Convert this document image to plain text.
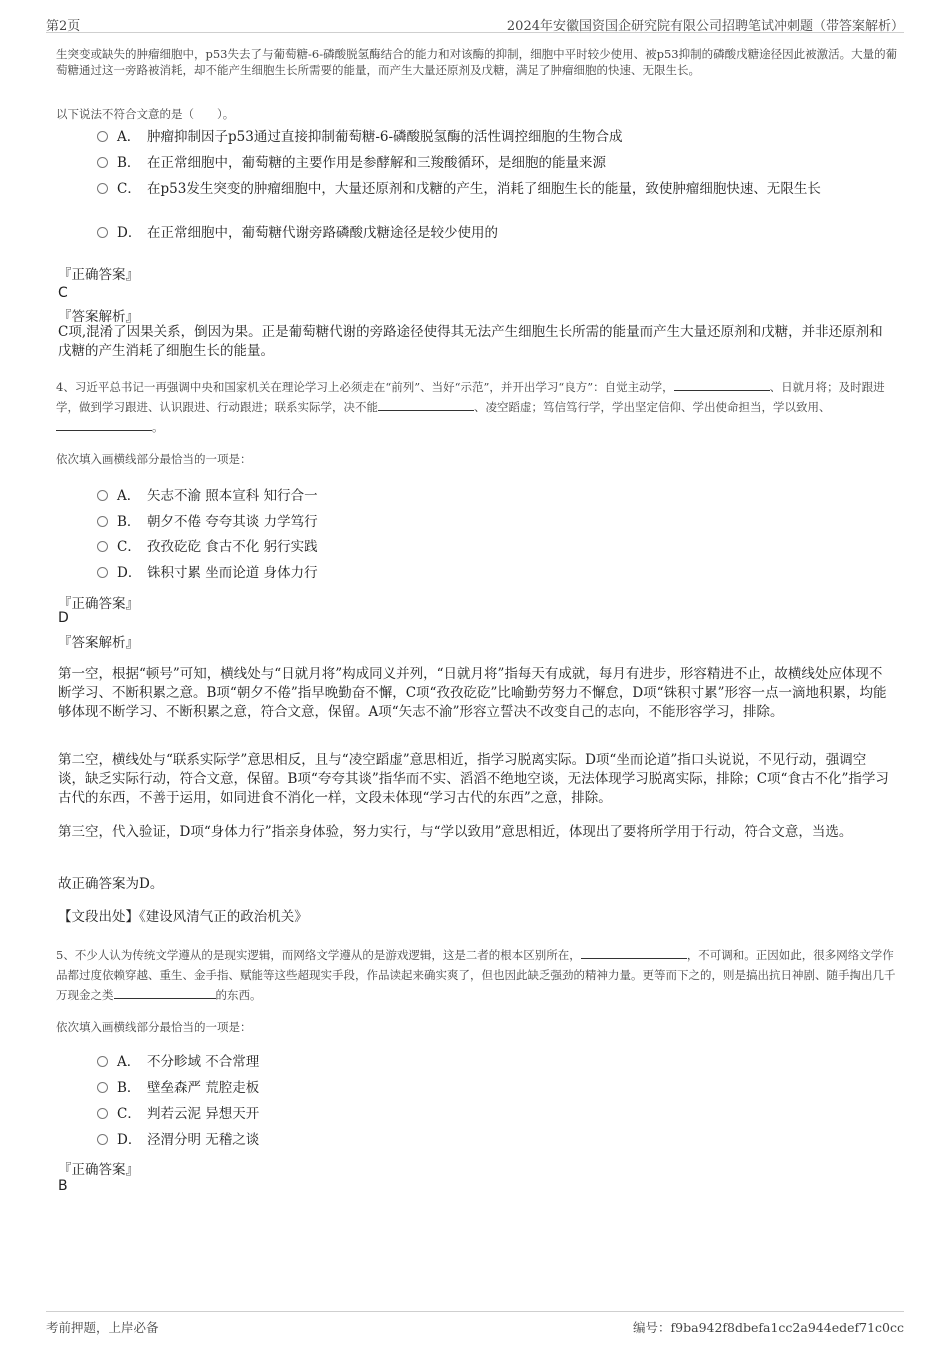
第2页	2024年安徽国资国企研究院有限公司招聘笔试冲刺题（带答案解析）
生突变或缺失的肿瘤细胞中，p53失去了与葡萄糖-6-磷酸脱氢酶结合的能力和对该酶的抑制，细胞中平时较少使用、被p53抑制的磷酸戊糖途径因此被激活。大量的葡萄糖通过这一旁路被消耗，却不能产生细胞生长所需要的能量，而产生大量还原剂及戊糖，满足了肿瘤细胞的快速、无限生长。
以下说法不符合文意的是（　　）。
A． 肿瘤抑制因子p53通过直接抑制葡萄糖-6-磷酸脱氢酶的活性调控细胞的生物合成
B． 在正常细胞中，葡萄糖的主要作用是参酵解和三羧酸循环，是细胞的能量来源
C． 在p53发生突变的肿瘤细胞中，大量还原剂和戊糖的产生，消耗了细胞生长的能量，致使肿瘤细胞快速、无限生长
D． 在正常细胞中，葡萄糖代谢旁路磷酸戊糖途径是较少使用的
『正确答案』
C
『答案解析』
C项,混淆了因果关系，倒因为果。正是葡萄糖代谢的旁路途径使得其无法产生细胞生长所需的能量而产生大量还原剂和戊糖，并非还原剂和戊糖的产生消耗了细胞生长的能量。
4、习近平总书记一再强调中央和国家机关在理论学习上必须走在“前列”、当好“示范”，并开出学习“良方”：自觉主动学，	、日就月将；及时跟进学，做到学习跟进、认识跟进、行动跟进；联系实际学，决不能	、凌空蹈虚；笃信笃行学，学出坚定信仰、学出使命担当，学以致用、。
依次填入画横线部分最恰当的一项是：
A． 矢志不渝 照本宣科 知行合一
B． 朝夕不倦 夸夸其谈 力学笃行
C． 孜孜矻矻 食古不化 躬行实践
D． 铢积寸累 坐而论道 身体力行
『正确答案』
D
『答案解析』
第一空，根据“顿号”可知，横线处与“日就月将”构成同义并列，“日就月将”指每天有成就，每月有进步，形容精进不止，故横线处应体现不断学习、不断积累之意。B项“朝夕不倦”指早晚勤奋不懈，C项“孜孜矻矻”比喻勤劳努力不懈怠，D项“铢积寸累”形容一点一滴地积累，均能够体现不断学习、不断积累之意，符合文意，保留。A项“矢志不渝”形容立誓决不改变自己的志向，不能形容学习，排除。
第二空，横线处与“联系实际学”意思相反，且与“凌空蹈虚”意思相近，指学习脱离实际。D项“坐而论道”指口头说说，不见行动，强调空谈，缺乏实际行动，符合文意，保留。B项“夸夸其谈”指华而不实、滔滔不绝地空谈，无法体现学习脱离实际，排除；C项“食古不化”指学习古代的东西，不善于运用，如同进食不消化一样，文段未体现“学习古代的东西”之意，排除。
第三空，代入验证，D项“身体力行”指亲身体验，努力实行，与“学以致用”意思相近，体现出了要将所学用于行动，符合文意，当选。
故正确答案为D。
【文段出处】《建设风清气正的政治机关》
5、不少人认为传统文学遵从的是现实逻辑，而网络文学遵从的是游戏逻辑，这是二者的根本区别所在，	，不可调和。正因如此，很多网络文学作品都过度依赖穿越、重生、金手指、赋能等这些超现实手段，作品读起来确实爽了，但也因此缺乏强劲的精神力量。更等而下之的，则是搞出抗日神剧、随手掏出几千万现金之类	的东西。
依次填入画横线部分最恰当的一项是：
A． 不分畛域 不合常理
B． 壁垒森严 荒腔走板
C． 判若云泥 异想天开
D． 泾渭分明 无稽之谈
『正确答案』
B
考前押题，上岸必备	编号：f9ba942f8dbefa1cc2a944edef71c0cc
